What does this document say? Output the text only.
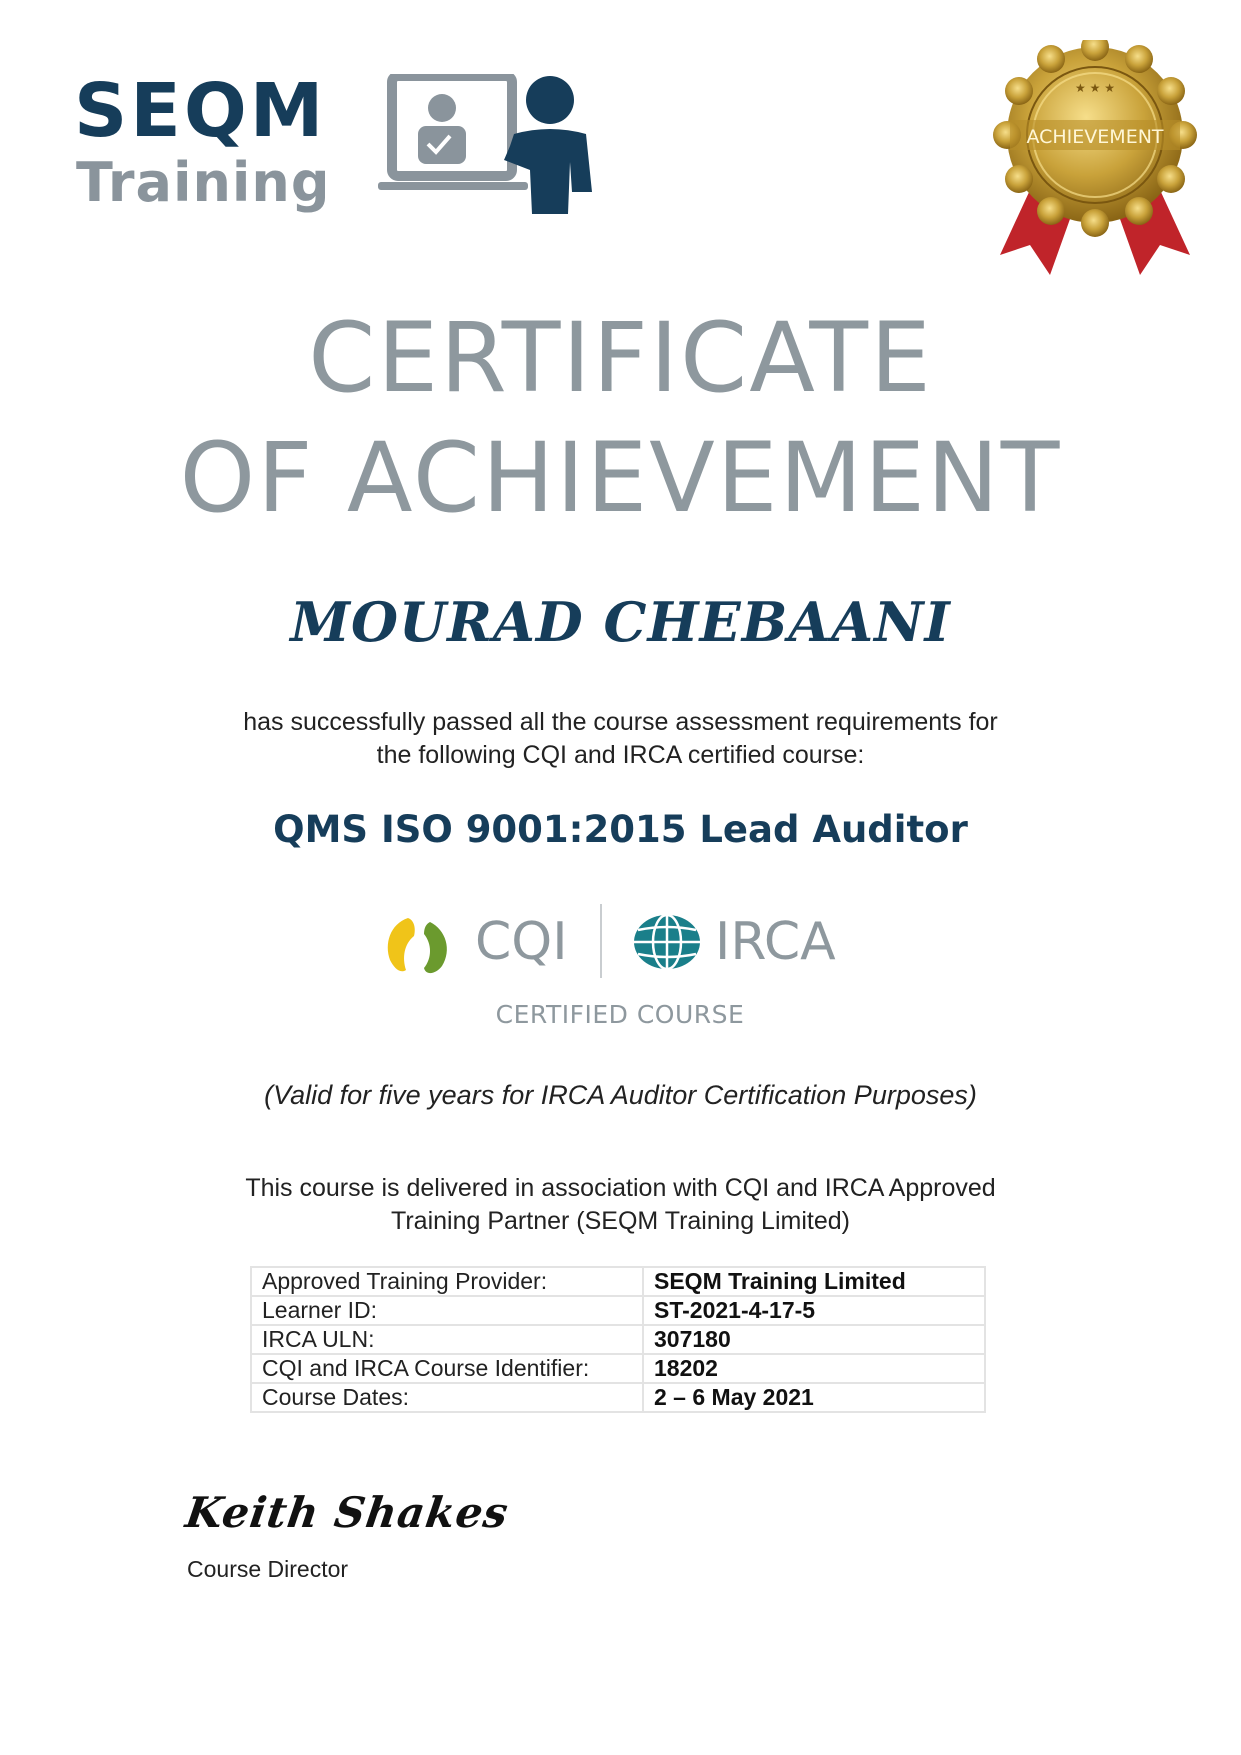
SEQM
Training
★ ★ ★
ACHIEVEMENT
CERTIFICATE
OF ACHIEVEMENT
MOURAD CHEBAANI
has successfully passed all the course assessment requirements for
the following CQI and IRCA certified course:
QMS ISO 9001:2015 Lead Auditor
CQI	IRCA
CERTIFIED COURSE
(Valid for five years for IRCA Auditor Certification Purposes)
This course is delivered in association with CQI and IRCA Approved
Training Partner (SEQM Training Limited)
Approved Training Provider:	SEQM Training Limited
Learner ID:	ST-2021-4-17-5
IRCA ULN:	307180
CQI and IRCA Course Identifier:	18202
Course Dates:	2 – 6 May 2021
Keith Shakes
Course Director
